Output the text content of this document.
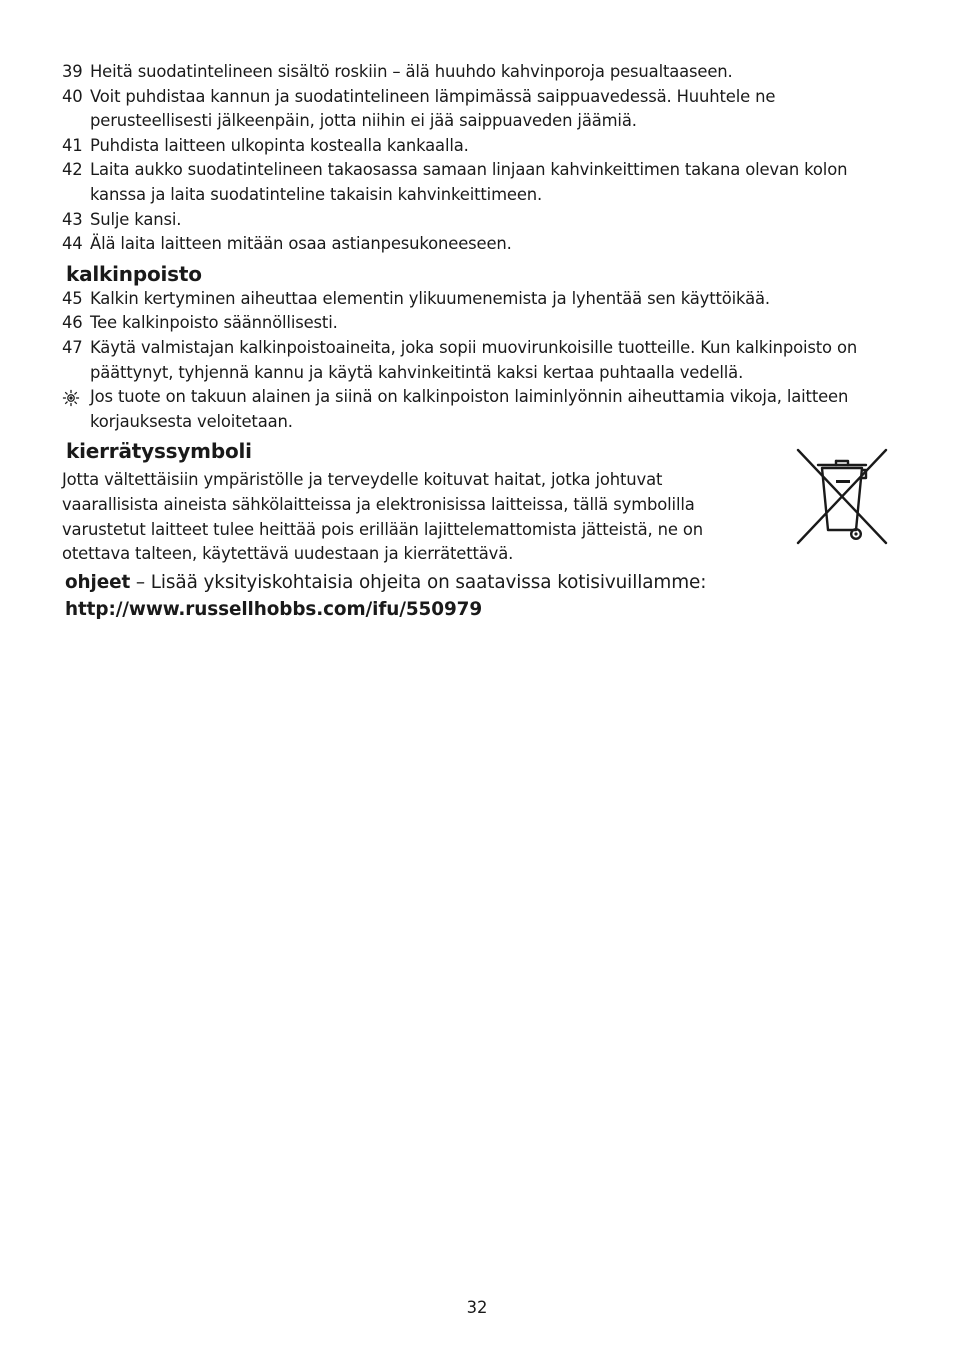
39 Heitä suodatintelineen sisältö roskiin – älä huuhdo kahvinporoja pesualtaaseen.
40 Voit puhdistaa kannun ja suodatintelineen lämpimässä saippuavedessä. Huuhtele ne perusteellisesti jälkeenpäin, jotta niihin ei jää saippuaveden jäämiä.
41 Puhdista laitteen ulkopinta kostealla kankaalla.
42 Laita aukko suodatintelineen takaosassa samaan linjaan kahvinkeittimen takana olevan kolon kanssa ja laita suodatinteline takaisin kahvinkeittimeen.
43 Sulje kansi.
44 Älä laita laitteen mitään osaa astianpesukoneeseen.
kalkinpoisto
45 Kalkin kertyminen aiheuttaa elementin ylikuumenemista ja lyhentää sen käyttöikää.
46 Tee kalkinpoisto säännöllisesti.
47 Käytä valmistajan kalkinpoistoaineita, joka sopii muovirunkoisille tuotteille. Kun kalkinpoisto on päättynyt, tyhjennä kannu ja käytä kahvinkeitintä kaksi kertaa puhtaalla vedellä.
Jos tuote on takuun alainen ja siinä on kalkinpoiston laiminlyönnin aiheuttamia vikoja, laitteen korjauksesta veloitetaan.
kierrätyssymboli
Jotta vältettäisiin ympäristölle ja terveydelle koituvat haitat, jotka johtuvat
vaarallisista aineista sähkölaitteissa ja elektronisissa laitteissa, tällä symbolilla
varustetut laitteet tulee heittää pois erillään lajittelemattomista jätteistä, ne on
otettava talteen, käytettävä uudestaan ja kierrätettävä.
ohjeet – Lisää yksityiskohtaisia ohjeita on saatavissa kotisivuillamme:
http://www.russellhobbs.com/ifu/550979
32
